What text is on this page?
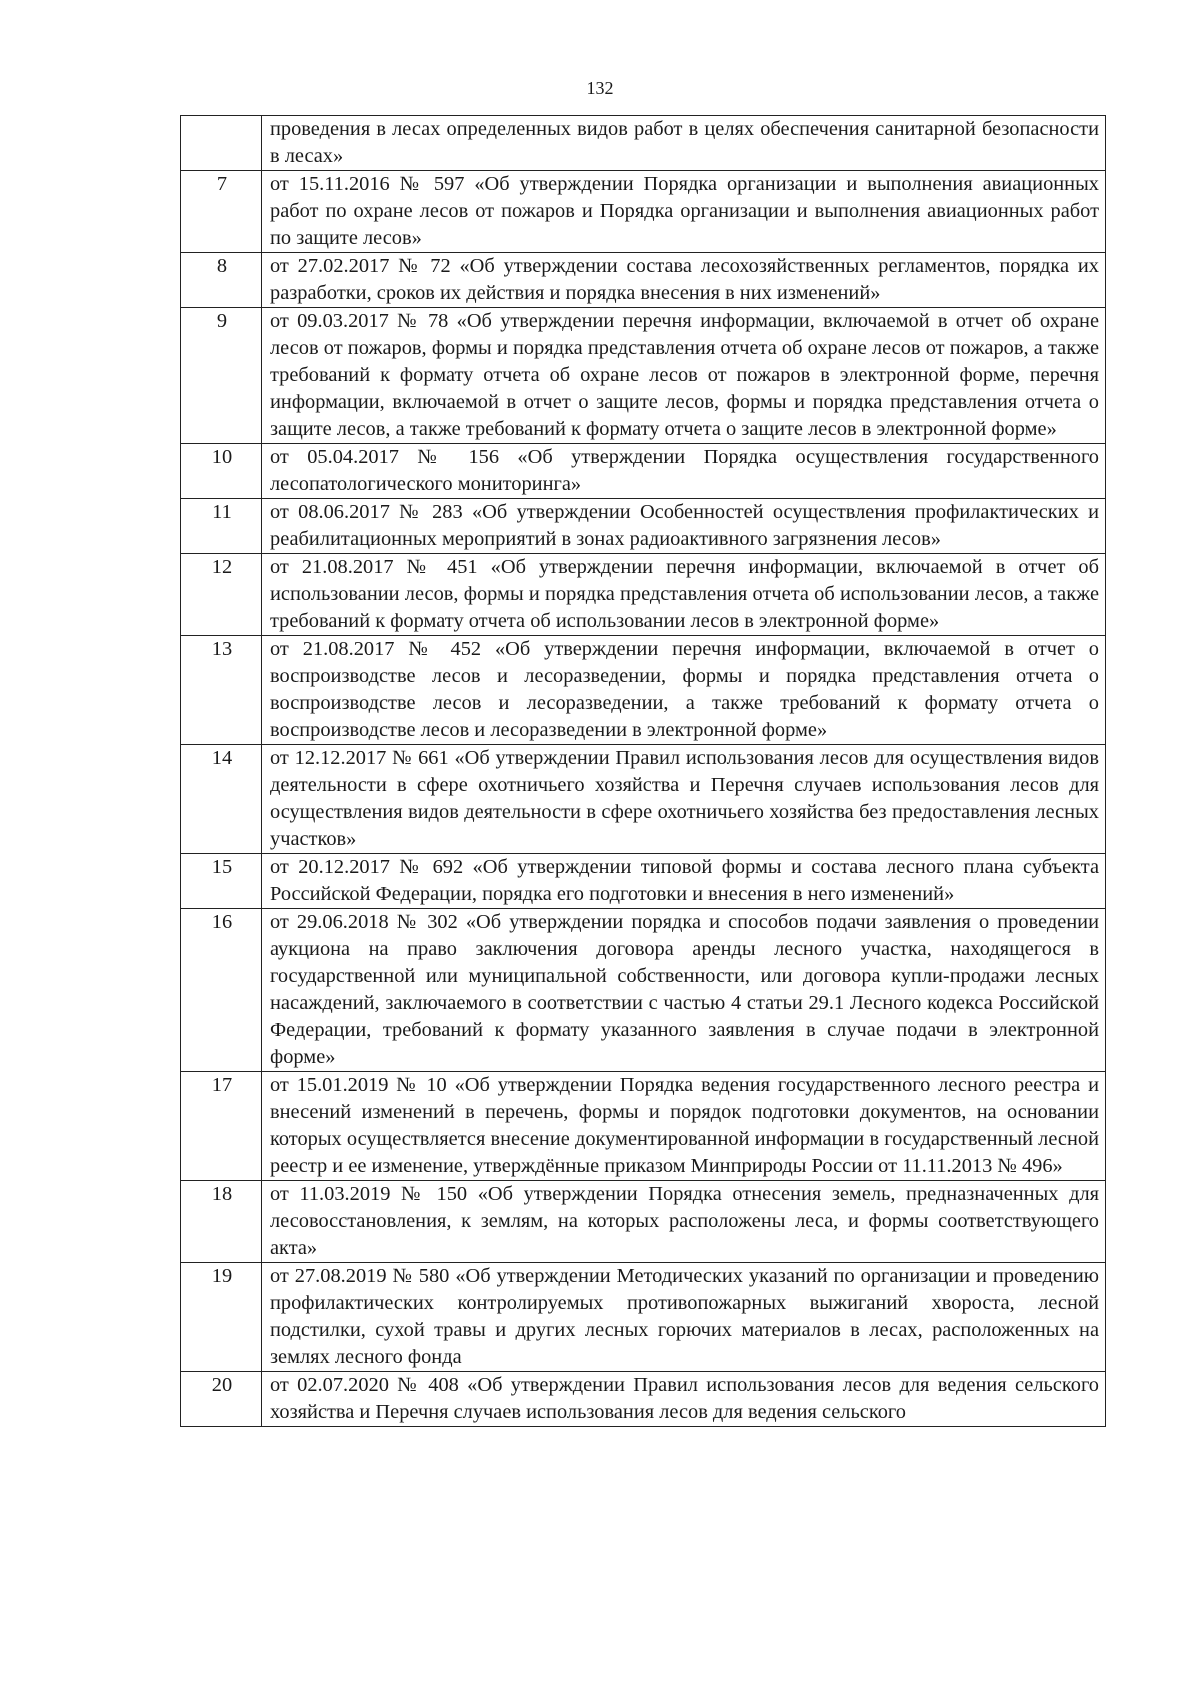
132
	проведения в лесах определенных видов работ в целях обеспечения санитарной безопасности в лесах»
7	от 15.11.2016 № 597 «Об утверждении Порядка организации и выполнения авиационных работ по охране лесов от пожаров и Порядка организации и выполнения авиационных работ по защите лесов»
8	от 27.02.2017 № 72 «Об утверждении состава лесохозяйственных регламентов, порядка их разработки, сроков их действия и порядка внесения в них изменений»
9	от 09.03.2017 № 78 «Об утверждении перечня информации, включаемой в отчет об охране лесов от пожаров, формы и порядка представления отчета об охране лесов от пожаров, а также требований к формату отчета об охране лесов от пожаров в электронной форме, перечня информации, включаемой в отчет о защите лесов, формы и порядка представления отчета о защите лесов, а также требований к формату отчета о защите лесов в электронной форме»
10	от 05.04.2017 № 156 «Об утверждении Порядка осуществления государственного лесопатологического мониторинга»
11	от 08.06.2017 № 283 «Об утверждении Особенностей осуществления профилактических и реабилитационных мероприятий в зонах радиоактивного загрязнения лесов»
12	от 21.08.2017 № 451 «Об утверждении перечня информации, включаемой в отчет об использовании лесов, формы и порядка представления отчета об использовании лесов, а также требований к формату отчета об использовании лесов в электронной форме»
13	от 21.08.2017 № 452 «Об утверждении перечня информации, включаемой в отчет о воспроизводстве лесов и лесоразведении, формы и порядка представления отчета о воспроизводстве лесов и лесоразведении, а также требований к формату отчета о воспроизводстве лесов и лесоразведении в электронной форме»
14	от 12.12.2017 № 661 «Об утверждении Правил использования лесов для осуществления видов деятельности в сфере охотничьего хозяйства и Перечня случаев использования лесов для осуществления видов деятельности в сфере охотничьего хозяйства без предоставления лесных участков»
15	от 20.12.2017 № 692 «Об утверждении типовой формы и состава лесного плана субъекта Российской Федерации, порядка его подготовки и внесения в него изменений»
16	от 29.06.2018 № 302 «Об утверждении порядка и способов подачи заявления о проведении аукциона на право заключения договора аренды лесного участка, находящегося в государственной или муниципальной собственности, или договора купли-продажи лесных насаждений, заключаемого в соответствии с частью 4 статьи 29.1 Лесного кодекса Российской Федерации, требований к формату указанного заявления в случае подачи в электронной форме»
17	от 15.01.2019 № 10 «Об утверждении Порядка ведения государственного лесного реестра и внесений изменений в перечень, формы и порядок подготовки документов, на основании которых осуществляется внесение документированной информации в государственный лесной реестр и ее изменение, утверждённые приказом Минприроды России от 11.11.2013 № 496»
18	от 11.03.2019 № 150 «Об утверждении Порядка отнесения земель, предназначенных для лесовосстановления, к землям, на которых расположены леса, и формы соответствующего акта»
19	от 27.08.2019 № 580 «Об утверждении Методических указаний по организации и проведению профилактических контролируемых противопожарных выжиганий хвороста, лесной подстилки, сухой травы и других лесных горючих материалов в лесах, расположенных на землях лесного фонда
20	от 02.07.2020 № 408 «Об утверждении Правил использования лесов для ведения сельского хозяйства и Перечня случаев использования лесов для ведения сельского
